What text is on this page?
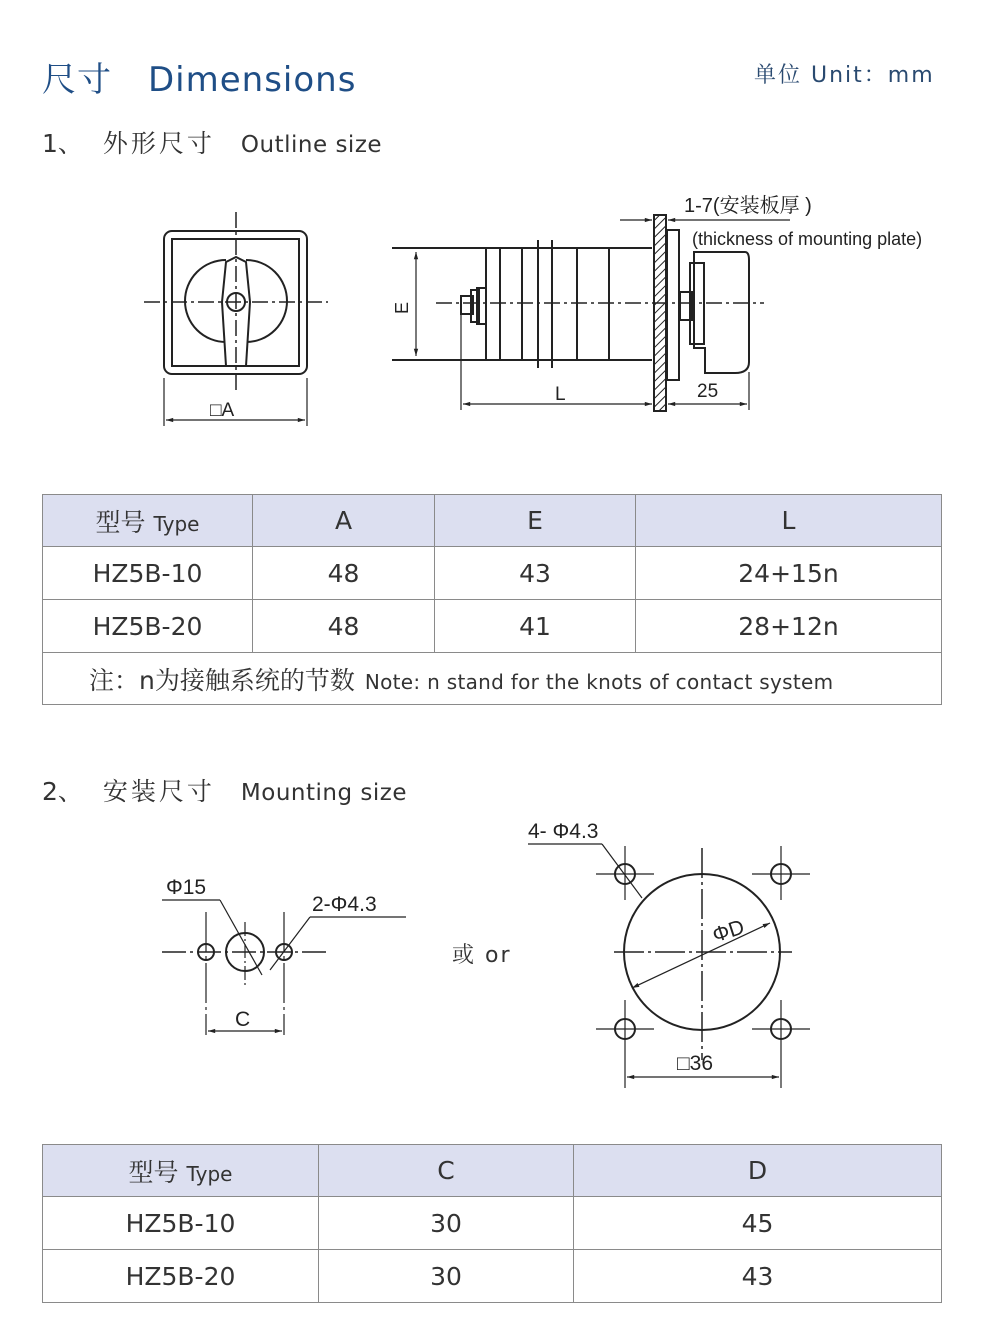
尺寸 Dimensions	单位 Unit：mm
1、 外形尺寸 Outline size
□A
E
L	25
1-7(安装板厚 )
(thickness of mounting plate)
型号 Type	A	E	L
HZ5B-10	48	43	24+15n
HZ5B-20	48	41	28+12n
注：n为接触系统的节数 Note: n stand for the knots of contact system			
2、 安装尺寸 Mounting size
Φ15
2-Φ4.3
C
4- Φ4.3
ΦD
□36
或 or
型号 Type	C	D
HZ5B-10	30	45
HZ5B-20	30	43
